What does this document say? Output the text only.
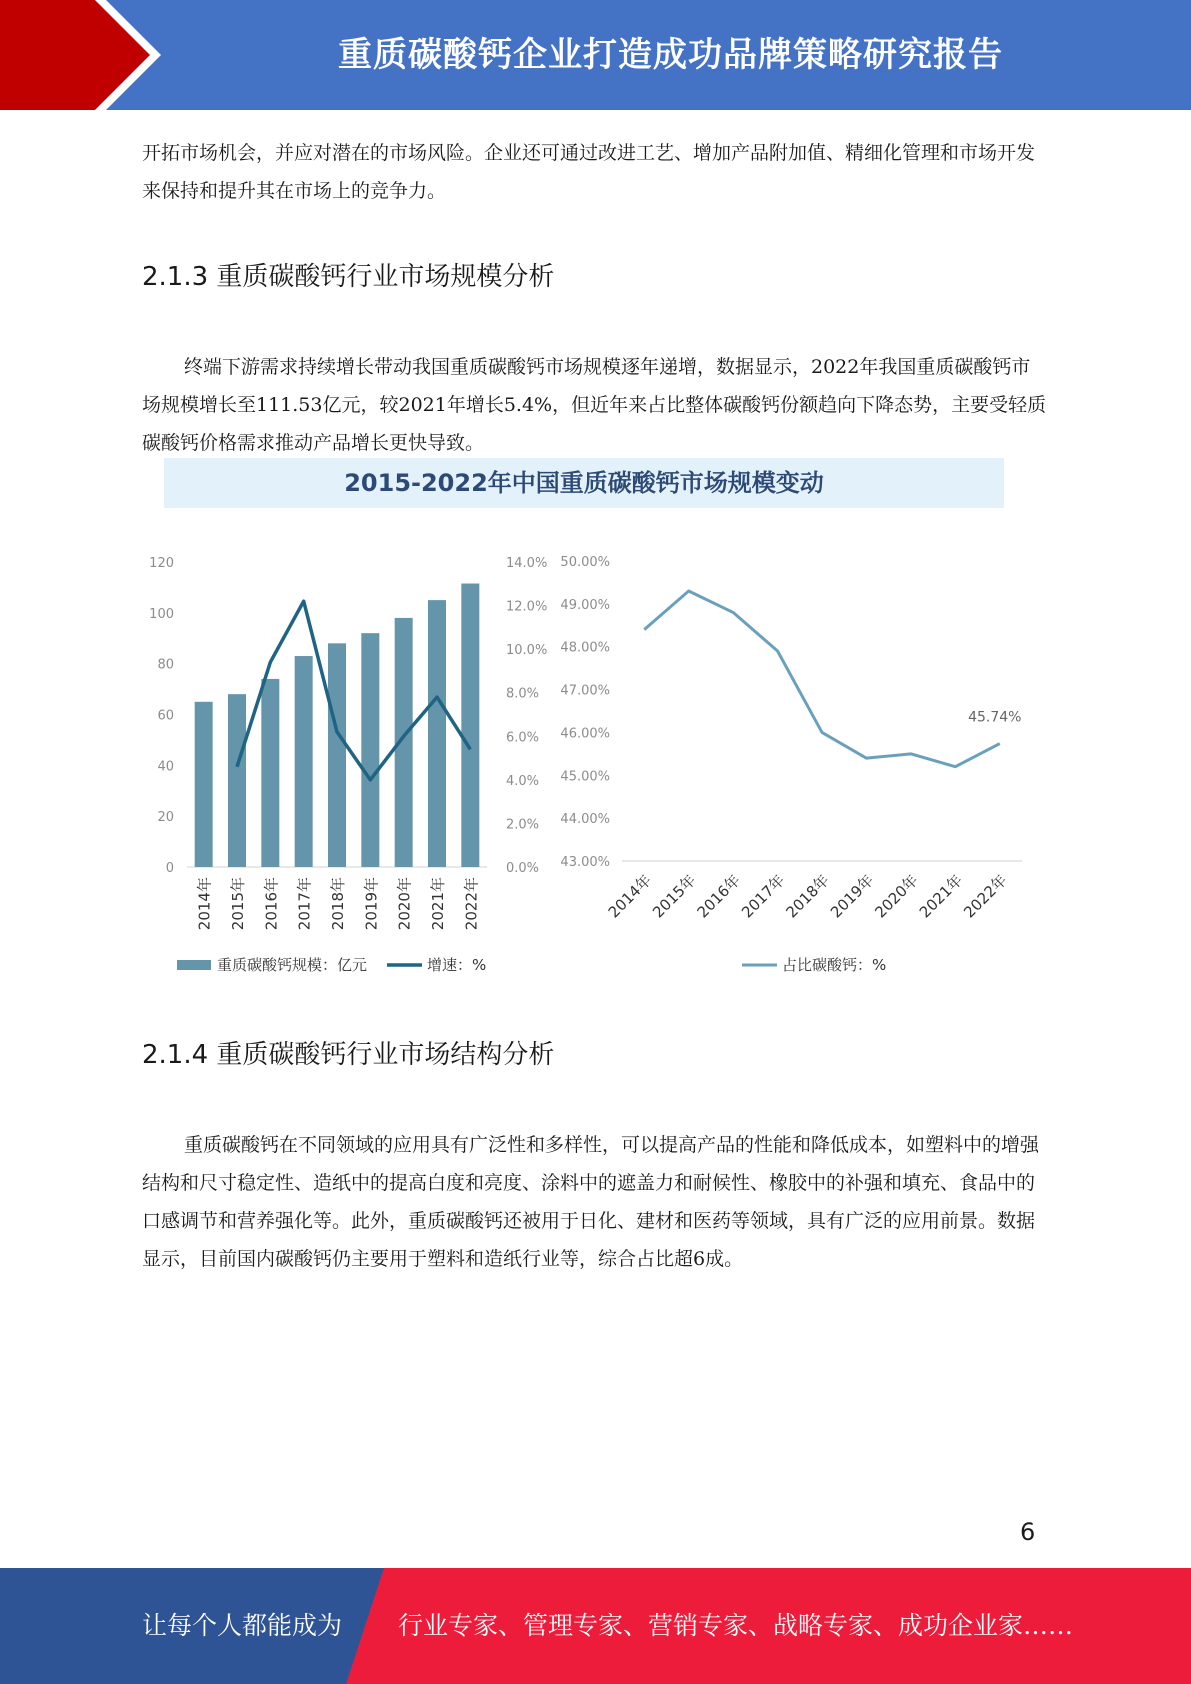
重质碳酸钙企业打造成功品牌策略研究报告

开拓市场机会，并应对潜在的市场风险。企业还可通过改进工艺、增加产品附加值、精细化管理和市场开发来保持和提升其在市场上的竞争力。

2.1.3 重质碳酸钙行业市场规模分析

终端下游需求持续增长带动我国重质碳酸钙市场规模逐年递增，数据显示，2022年我国重质碳酸钙市场规模增长至111.53亿元，较2021年增长5.4%，但近年来占比整体碳酸钙份额趋向下降态势，主要受轻质碳酸钙价格需求推动产品增长更快导致。

2015-2022年中国重质碳酸钙市场规模变动
0
20
40
60
80
100
120
0.0%
2.0%
4.0%
6.0%
8.0%
10.0%
12.0%
14.0%
2014年 2015年 2016年 2017年 2018年 2019年 2020年 2021年 2022年
重质碳酸钙规模：亿元	增速：%
43.00%
44.00%
45.00%
46.00%
47.00%
48.00%
49.00%
50.00%
2014年
2015年
2016年
2017年
2018年
2019年
2020年
2021年
2022年
45.74%
占比碳酸钙：%
2.1.4 重质碳酸钙行业市场结构分析

重质碳酸钙在不同领域的应用具有广泛性和多样性，可以提高产品的性能和降低成本，如塑料中的增强结构和尺寸稳定性、造纸中的提高白度和亮度、涂料中的遮盖力和耐候性、橡胶中的补强和填充、食品中的口感调节和营养强化等。此外，重质碳酸钙还被用于日化、建材和医药等领域，具有广泛的应用前景。数据显示，目前国内碳酸钙仍主要用于塑料和造纸行业等，综合占比超6成。

6
让每个人都能成为 行业专家、管理专家、营销专家、战略专家、成功企业家……
